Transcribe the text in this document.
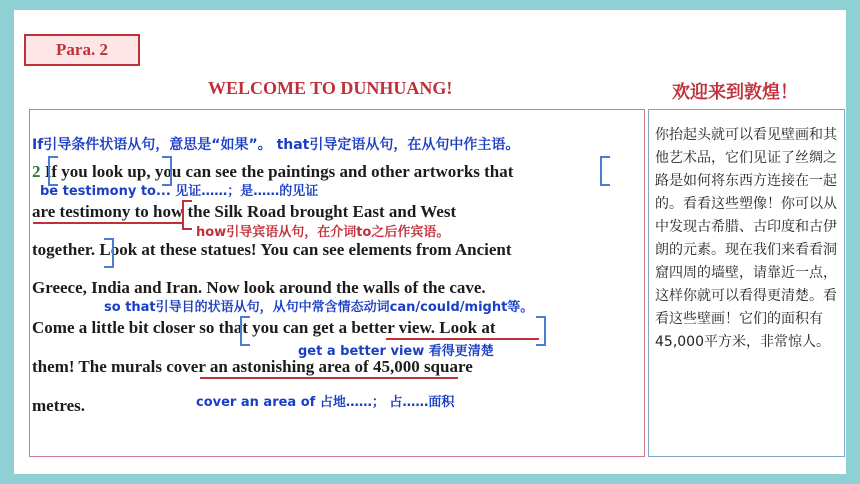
Para. 2
WELCOME TO DUNHUANG!	欢迎来到敦煌！
你抬起头就可以看见壁画和其他艺术品，它们见证了丝绸之路是如何将东西方连接在一起的。看看这些塑像！你可以从中发现古希腊、古印度和古伊朗的元素。现在我们来看看洞窟四周的墙壁，请靠近一点，这样你就可以看得更清楚。看看这些壁画！它们的面积有45,000平方米，非常惊人。
If引导条件状语从句，意思是“如果”。 that引导定语从句，在从句中作主语。
2 If you look up, you can see the paintings and other artworks that
be testimony to... 见证……；是……的见证
are testimony to how the Silk Road brought East and West
how引导宾语从句，在介词to之后作宾语。
together. Look at these statues! You can see elements from Ancient
Greece, India and Iran. Now look around the walls of the cave.
so that引导目的状语从句，从句中常含情态动词can/could/might等。
Come a little bit closer so that you can get a better view. Look at
get a better view 看得更清楚
them! The murals cover an astonishing area of 45,000 square
metres.	cover an area of 占地……； 占……面积
